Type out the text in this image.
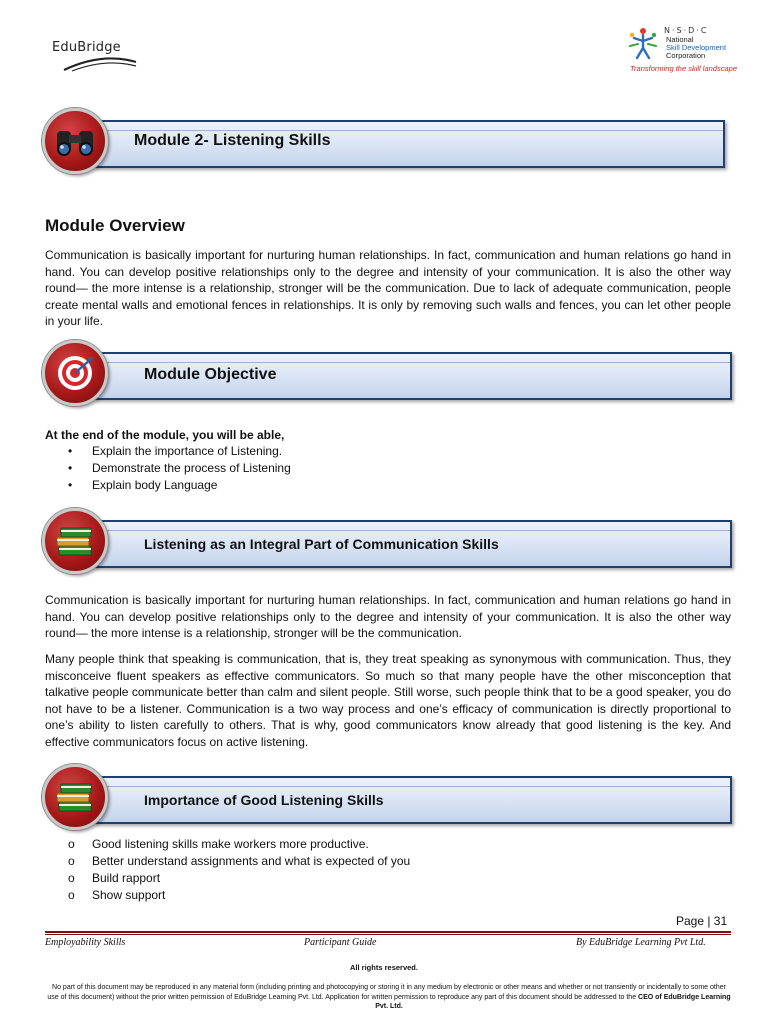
EduBridge
N·S·D·C
National
Skill Development
Corporation
Transforming the skill landscape
Module 2- Listening Skills
Module Overview

Communication is basically important for nurturing human relationships. In fact, communication and human relations go hand in hand. You can develop positive relationships only to the degree and intensity of your communication. It is also the other way round— the more intense is a relationship, stronger will be the communication. Due to lack of adequate communication, people create mental walls and emotional fences in relationships. It is only by removing such walls and fences, you can let other people in your life.

Module Objective
At the end of the module, you will be able,
• Explain the importance of Listening.
• Demonstrate the process of Listening
• Explain body Language
Listening as an Integral Part of Communication Skills

Communication is basically important for nurturing human relationships. In fact, communication and human relations go hand in hand. You can develop positive relationships only to the degree and intensity of your communication. It is also the other way round— the more intense is a relationship, stronger will be the communication.

Many people think that speaking is communication, that is, they treat speaking as synonymous with communication. Thus, they misconceive fluent speakers as effective communicators. So much so that many people have the other misconception that talkative people communicate better than calm and silent people. Still worse, such people think that to be a good speaker, you do not have to be a listener. Communication is a two way process and one’s efficacy of communication is directly proportional to one’s ability to listen carefully to others. That is why, good communicators know already that good listening is the key. And effective communicators focus on active listening.

Importance of Good Listening Skills
o Good listening skills make workers more productive.
o Better understand assignments and what is expected of you
o Build rapport
o Show support
Page | 31
Employability Skills	Participant Guide	By EduBridge Learning Pvt Ltd.
All rights reserved.
No part of this document may be reproduced in any material form (including printing and photocopying or storing it in any medium by electronic or other means and whether or not transiently or incidentally to some other use of this document) without the prior written permission of EduBridge Learning Pvt. Ltd. Application for written permission to reproduce any part of this document should be addressed to the CEO of EduBridge Learning Pvt. Ltd.
